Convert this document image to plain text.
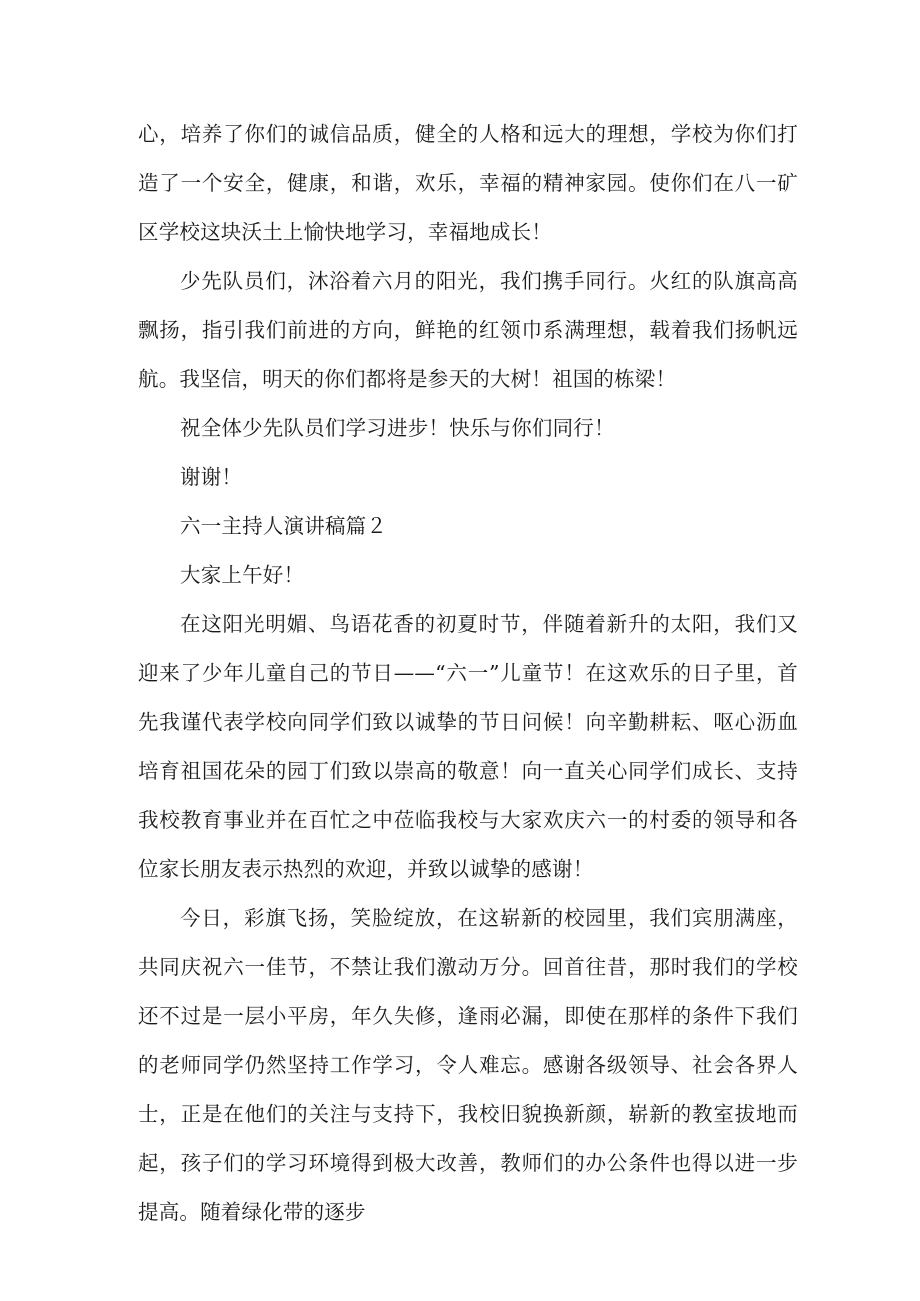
心，培养了你们的诚信品质，健全的人格和远大的理想，学校为你们打造了一个安全，健康，和谐，欢乐，幸福的精神家园。使你们在八一矿区学校这块沃土上愉快地学习，幸福地成长！

少先队员们，沐浴着六月的阳光，我们携手同行。火红的队旗高高飘扬，指引我们前进的方向，鲜艳的红领巾系满理想，载着我们扬帆远航。我坚信，明天的你们都将是参天的大树！祖国的栋梁！

祝全体少先队员们学习进步！快乐与你们同行！

谢谢！

六一主持人演讲稿篇２

大家上午好！

在这阳光明媚、鸟语花香的初夏时节，伴随着新升的太阳，我们又迎来了少年儿童自己的节日——“六一”儿童节！在这欢乐的日子里，首先我谨代表学校向同学们致以诚挚的节日问候！向辛勤耕耘、呕心沥血培育祖国花朵的园丁们致以崇高的敬意！向一直关心同学们成长、支持我校教育事业并在百忙之中莅临我校与大家欢庆六一的村委的领导和各位家长朋友表示热烈的欢迎，并致以诚挚的感谢！

今日，彩旗飞扬，笑脸绽放，在这崭新的校园里，我们宾朋满座，共同庆祝六一佳节，不禁让我们激动万分。回首往昔，那时我们的学校还不过是一层小平房，年久失修，逢雨必漏，即使在那样的条件下我们的老师同学仍然坚持工作学习，令人难忘。感谢各级领导、社会各界人士，正是在他们的关注与支持下，我校旧貌换新颜，崭新的教室拔地而起，孩子们的学习环境得到极大改善，教师们的办公条件也得以进一步提高。随着绿化带的逐步
